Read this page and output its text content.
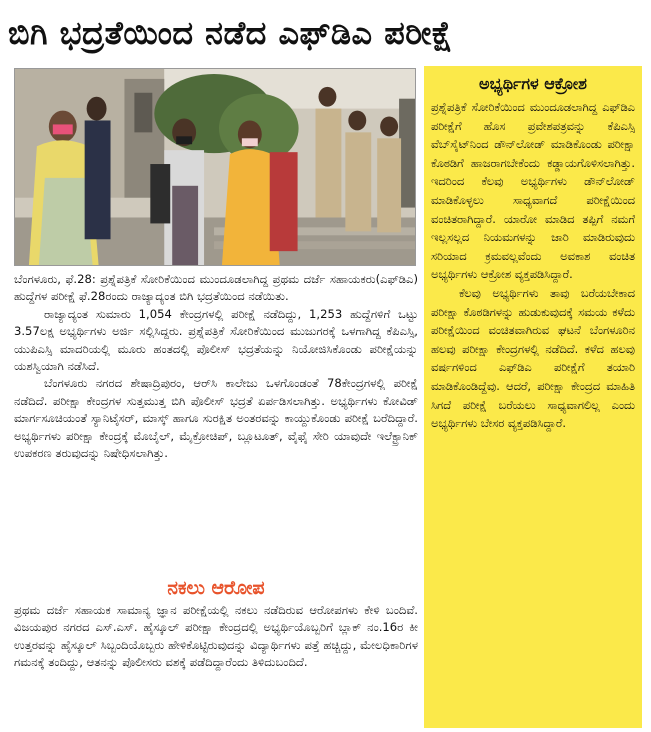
ಬಿಗಿ ಭದ್ರತೆಯಿಂದ ನಡೆದ ಎಫ್‌ಡಿಎ ಪರೀಕ್ಷೆ

ಬೆಂಗಳೂರು, ಫೆ.28: ಪ್ರಶ್ನೆಪತ್ರಿಕೆ ಸೋರಿಕೆಯಿಂದ ಮುಂದೂಡಲಾಗಿದ್ದ ಪ್ರಥಮ ದರ್ಜೆ ಸಹಾಯಕರು(ಎಫ್‌ಡಿಎ) ಹುದ್ದೆಗಳ ಪರೀಕ್ಷೆ ಫೆ.28ರಂದು ರಾಜ್ಯಾದ್ಯಂತ ಬಿಗಿ ಭದ್ರತೆಯಿಂದ ನಡೆಯಿತು.

ರಾಜ್ಯಾದ್ಯಂತ ಸುಮಾರು 1,054 ಕೇಂದ್ರಗಳಲ್ಲಿ ಪರೀಕ್ಷೆ ನಡೆದಿದ್ದು, 1,253 ಹುದ್ದೆಗಳಿಗೆ ಒಟ್ಟು 3.57ಲಕ್ಷ ಅಭ್ಯರ್ಥಿಗಳು ಅರ್ಜಿ ಸಲ್ಲಿಸಿದ್ದರು. ಪ್ರಶ್ನೆಪತ್ರಿಕೆ ಸೋರಿಕೆಯಿಂದ ಮುಜುಗರಕ್ಕೆ ಒಳಗಾಗಿದ್ದ ಕೆಪಿಎಸ್ಸಿ, ಯುಪಿಎಸ್ಸಿ ಮಾದರಿಯಲ್ಲಿ ಮೂರು ಹಂತದಲ್ಲಿ ಪೊಲೀಸ್ ಭದ್ರತೆಯನ್ನು ನಿಯೋಜಿಸಿಕೊಂಡು ಪರೀಕ್ಷೆಯನ್ನು ಯಶಸ್ವಿಯಾಗಿ ನಡೆಸಿದೆ.

ಬೆಂಗಳೂರು ನಗರದ ಶೇಷಾದ್ರಿಪುರಂ, ಆರ್‌ಸಿ ಕಾಲೇಜು ಒಳಗೊಂಡಂತೆ 78ಕೇಂದ್ರಗಳಲ್ಲಿ ಪರೀಕ್ಷೆ ನಡೆದಿದೆ. ಪರೀಕ್ಷಾ ಕೇಂದ್ರಗಳ ಸುತ್ತಮುತ್ತ ಬಿಗಿ ಪೊಲೀಸ್ ಭದ್ರತೆ ಏರ್ಪಡಿಸಲಾಗಿತ್ತು. ಅಭ್ಯರ್ಥಿಗಳು ಕೋವಿಡ್ ಮಾರ್ಗಸೂಚಿಯಂತೆ ಸ್ಯಾನಿಟೈಸರ್, ಮಾಸ್ಕ್ ಹಾಗೂ ಸುರಕ್ಷಿತ ಅಂತರವನ್ನು ಕಾಯ್ದುಕೊಂಡು ಪರೀಕ್ಷೆ ಬರೆದಿದ್ದಾರೆ. ಅಭ್ಯರ್ಥಿಗಳು ಪರೀಕ್ಷಾ ಕೇಂದ್ರಕ್ಕೆ ಮೊಬೈಲ್, ಮೈಕ್ರೋಚಿಪ್, ಬ್ಲೂಟೂತ್, ವೈಫೈ ಸೇರಿ ಯಾವುದೇ ಇಲೆಕ್ಟ್ರಾನಿಕ್ ಉಪಕರಣ ತರುವುದನ್ನು ನಿಷೇಧಿಸಲಾಗಿತ್ತು.

ನಕಲು ಆರೋಪ

ಪ್ರಥಮ ದರ್ಜೆ ಸಹಾಯಕ ಸಾಮಾನ್ಯ ಜ್ಞಾನ ಪರೀಕ್ಷೆಯಲ್ಲಿ ನಕಲು ನಡೆದಿರುವ ಆರೋಪಗಳು ಕೇಳಿ ಬಂದಿವೆ. ವಿಜಯಪುರ ನಗರದ ಎಸ್.ಎಸ್. ಹೈಸ್ಕೂಲ್ ಪರೀಕ್ಷಾ ಕೇಂದ್ರದಲ್ಲಿ ಅಭ್ಯರ್ಥಿಯೊಬ್ಬರಿಗೆ ಬ್ಲಾಕ್ ನಂ.16ರ ಕೀ ಉತ್ತರವನ್ನು ಹೈಸ್ಕೂಲ್ ಸಿಬ್ಬಂದಿಯೊಬ್ಬರು ಹೇಳಿಕೊಟ್ಟಿರುವುದನ್ನು ವಿದ್ಯಾರ್ಥಿಗಳು ಪತ್ತೆ ಹಚ್ಚಿದ್ದು, ಮೇಲಧಿಕಾರಿಗಳ ಗಮನಕ್ಕೆ ತಂದಿದ್ದು, ಆತನನ್ನು ಪೊಲೀಸರು ವಶಕ್ಕೆ ಪಡೆದಿದ್ದಾರೆಂದು ತಿಳಿದುಬಂದಿದೆ.

ಅಭ್ಯರ್ಥಿಗಳ ಆಕ್ರೋಶ

ಪ್ರಶ್ನೆಪತ್ರಿಕೆ ಸೋರಿಕೆಯಿಂದ ಮುಂದೂಡಲಾಗಿದ್ದ ಎಫ್‌ಡಿಎ ಪರೀಕ್ಷೆಗೆ ಹೊಸ ಪ್ರವೇಶಪತ್ರವನ್ನು ಕೆಪಿಎಸ್ಸಿ ವೆಬ್‌ಸೈಟ್‌ನಿಂದ ಡೌನ್‌ಲೋಡ್ ಮಾಡಿಕೊಂಡು ಪರೀಕ್ಷಾ ಕೊಠಡಿಗೆ ಹಾಜರಾಗಬೇಕೆಂದು ಕಡ್ಡಾಯಗೊಳಿಸಲಾಗಿತ್ತು. ಇದರಿಂದ ಕೆಲವು ಅಭ್ಯರ್ಥಿಗಳು ಡೌನ್‌ಲೋಡ್ ಮಾಡಿಕೊಳ್ಳಲು ಸಾಧ್ಯವಾಗದೆ ಪರೀಕ್ಷೆಯಿಂದ ವಂಚಿತರಾಗಿದ್ದಾರೆ. ಯಾರೋ ಮಾಡಿದ ತಪ್ಪಿಗೆ ನಮಗೆ ಇಲ್ಲಸಲ್ಲದ ನಿಯಮಗಳನ್ನು ಜಾರಿ ಮಾಡಿರುವುದು ಸರಿಯಾದ ಕ್ರಮವಲ್ಲವೆಂದು ಅವಕಾಶ ವಂಚಿತ ಅಭ್ಯರ್ಥಿಗಳು ಆಕ್ರೋಶ ವ್ಯಕ್ತಪಡಿಸಿದ್ದಾರೆ.

ಕೆಲವು ಅಭ್ಯರ್ಥಿಗಳು ತಾವು ಬರೆಯಬೇಕಾದ ಪರೀಕ್ಷಾ ಕೊಠಡಿಗಳನ್ನು ಹುಡುಕುವುದಕ್ಕೆ ಸಮಯ ಕಳೆದು ಪರೀಕ್ಷೆಯಿಂದ ವಂಚಿತವಾಗಿರುವ ಘಟನೆ ಬೆಂಗಳೂರಿನ ಹಲವು ಪರೀಕ್ಷಾ ಕೇಂದ್ರಗಳಲ್ಲಿ ನಡೆದಿದೆ. ಕಳೆದ ಹಲವು ವರ್ಷಗಳಿಂದ ಎಫ್‌ಡಿಎ ಪರೀಕ್ಷೆಗೆ ತಯಾರಿ ಮಾಡಿಕೊಂಡಿದ್ದೆವು. ಆದರೆ, ಪರೀಕ್ಷಾ ಕೇಂದ್ರದ ಮಾಹಿತಿ ಸಿಗದೆ ಪರೀಕ್ಷೆ ಬರೆಯಲು ಸಾಧ್ಯವಾಗಲಿಲ್ಲ ಎಂದು ಅಭ್ಯರ್ಥಿಗಳು ಬೇಸರ ವ್ಯಕ್ತಪಡಿಸಿದ್ದಾರೆ.
